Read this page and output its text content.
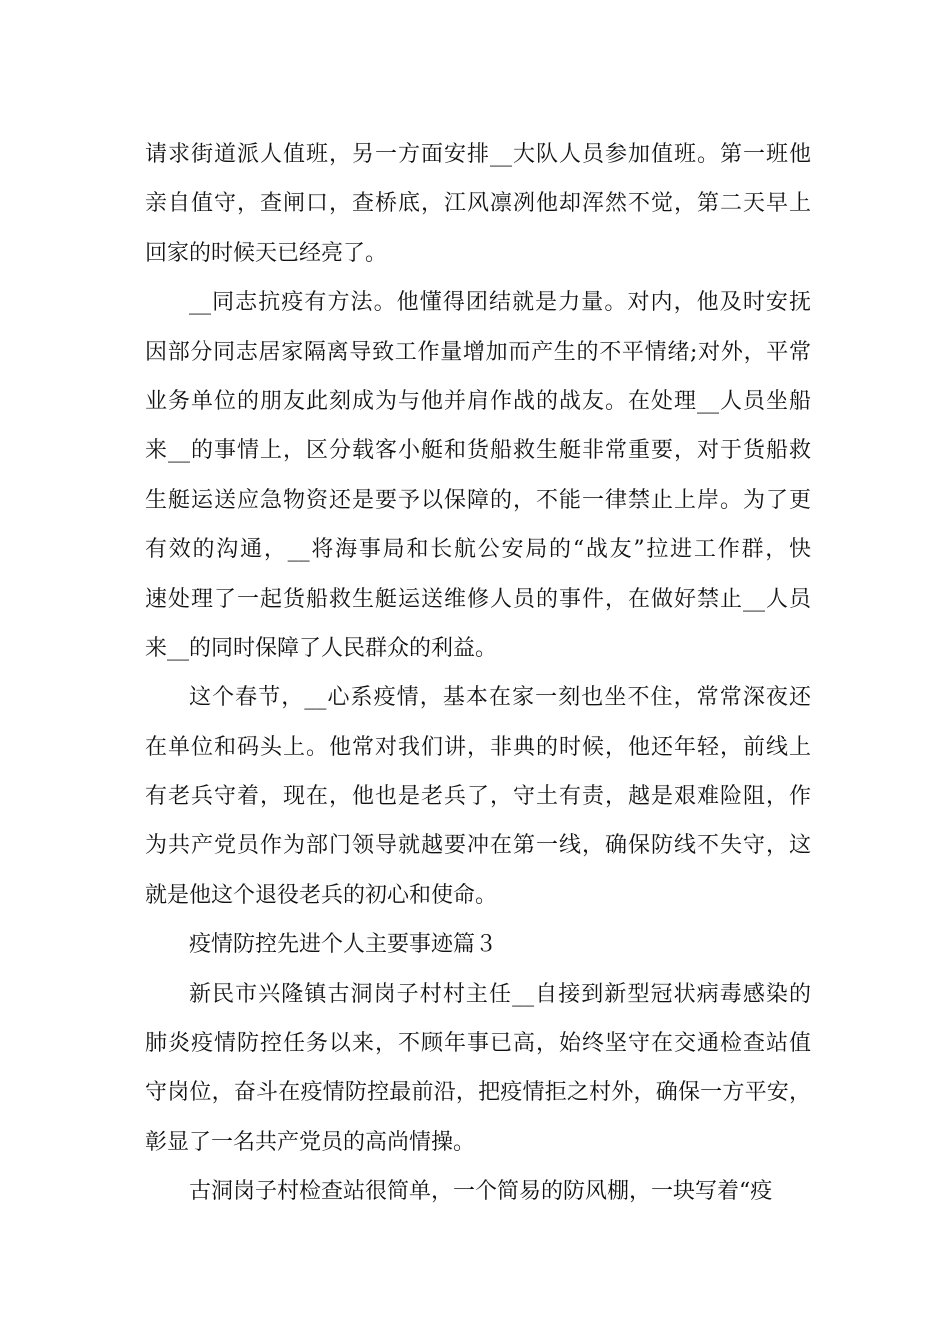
请求街道派人值班，另一方面安排__大队人员参加值班。第一班他
亲自值守，查闸口，查桥底，江风凛冽他却浑然不觉，第二天早上
回家的时候天已经亮了。
__同志抗疫有方法。他懂得团结就是力量。对内，他及时安抚
因部分同志居家隔离导致工作量增加而产生的不平情绪;对外，平常
业务单位的朋友此刻成为与他并肩作战的战友。在处理__人员坐船
来__的事情上，区分载客小艇和货船救生艇非常重要，对于货船救
生艇运送应急物资还是要予以保障的，不能一律禁止上岸。为了更
有效的沟通，__将海事局和长航公安局的“战友”拉进工作群，快
速处理了一起货船救生艇运送维修人员的事件，在做好禁止__人员
来__的同时保障了人民群众的利益。
这个春节，__心系疫情，基本在家一刻也坐不住，常常深夜还
在单位和码头上。他常对我们讲，非典的时候，他还年轻，前线上
有老兵守着，现在，他也是老兵了，守土有责，越是艰难险阻，作
为共产党员作为部门领导就越要冲在第一线，确保防线不失守，这
就是他这个退役老兵的初心和使命。
疫情防控先进个人主要事迹篇３
新民市兴隆镇古洞岗子村村主任__自接到新型冠状病毒感染的
肺炎疫情防控任务以来，不顾年事已高，始终坚守在交通检查站值
守岗位，奋斗在疫情防控最前沿，把疫情拒之村外，确保一方平安，
彰显了一名共产党员的高尚情操。
古洞岗子村检查站很简单，一个简易的防风棚，一块写着“疫
